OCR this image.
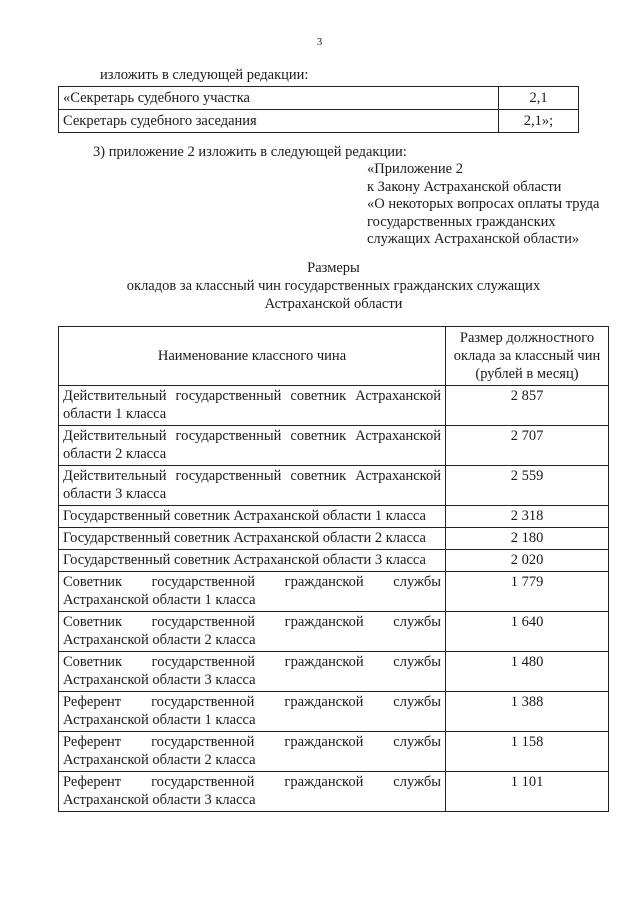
3
изложить в следующей редакции:
«Секретарь судебного участка	2,1
Секретарь судебного заседания	2,1»;
3) приложение 2 изложить в следующей редакции:
«Приложение 2
к Закону Астраханской области
«О некоторых вопросах оплаты труда
государственных гражданских
служащих Астраханской области»
Размеры
окладов за классный чин государственных гражданских служащих
Астраханской области
Наименование классного чина	Размер должностного оклада за классный чин (рублей в месяц)
Действительный государственный советник Астраханской области 1 класса	2 857
Действительный государственный советник Астраханской области 2 класса	2 707
Действительный государственный советник Астраханской области 3 класса	2 559
Государственный советник Астраханской области 1 класса	2 318
Государственный советник Астраханской области 2 класса	2 180
Государственный советник Астраханской области 3 класса	2 020
Советник государственной гражданской службы Астраханской области 1 класса	1 779
Советник государственной гражданской службы Астраханской области 2 класса	1 640
Советник государственной гражданской службы Астраханской области 3 класса	1 480
Референт государственной гражданской службы Астраханской области 1 класса	1 388
Референт государственной гражданской службы Астраханской области 2 класса	1 158
Референт государственной гражданской службы Астраханской области 3 класса	1 101
